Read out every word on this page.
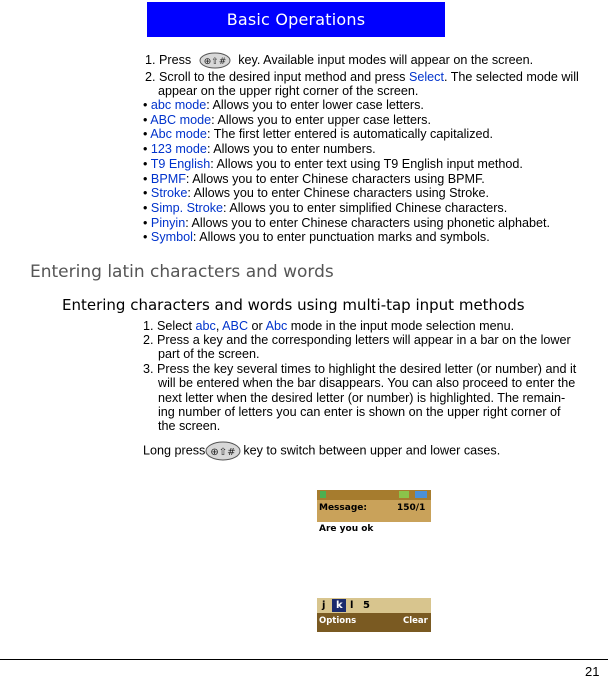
Basic Operations
1. Press ⊕⇧# key. Available input modes will appear on the screen.
2. Scroll to the desired input method and press Select. The selected mode will
appear on the upper right corner of the screen.
• abc mode: Allows you to enter lower case letters.
• ABC mode: Allows you to enter upper case letters.
• Abc mode: The first letter entered is automatically capitalized.
• 123 mode: Allows you to enter numbers.
• T9 English: Allows you to enter text using T9 English input method.
• BPMF: Allows you to enter Chinese characters using BPMF.
• Stroke: Allows you to enter Chinese characters using Stroke.
• Simp. Stroke: Allows you to enter simplified Chinese characters.
• Pinyin: Allows you to enter Chinese characters using phonetic alphabet.
• Symbol: Allows you to enter punctuation marks and symbols.
Entering latin characters and words
Entering characters and words using multi-tap input methods
1. Select abc, ABC or Abc mode in the input mode selection menu.
2. Press a key and the corresponding letters will appear in a bar on the lower
part of the screen.
3. Press the key several times to highlight the desired letter (or number) and it
will be entered when the bar disappears. You can also proceed to enter the
next letter when the desired letter (or number) is highlighted. The remain-
ing number of letters you can enter is shown on the upper right corner of
the screen.
Long press ⊕⇧# key to switch between upper and lower cases.
Message:	150/1
Are you ok
j k l 5
Options	Clear
21
